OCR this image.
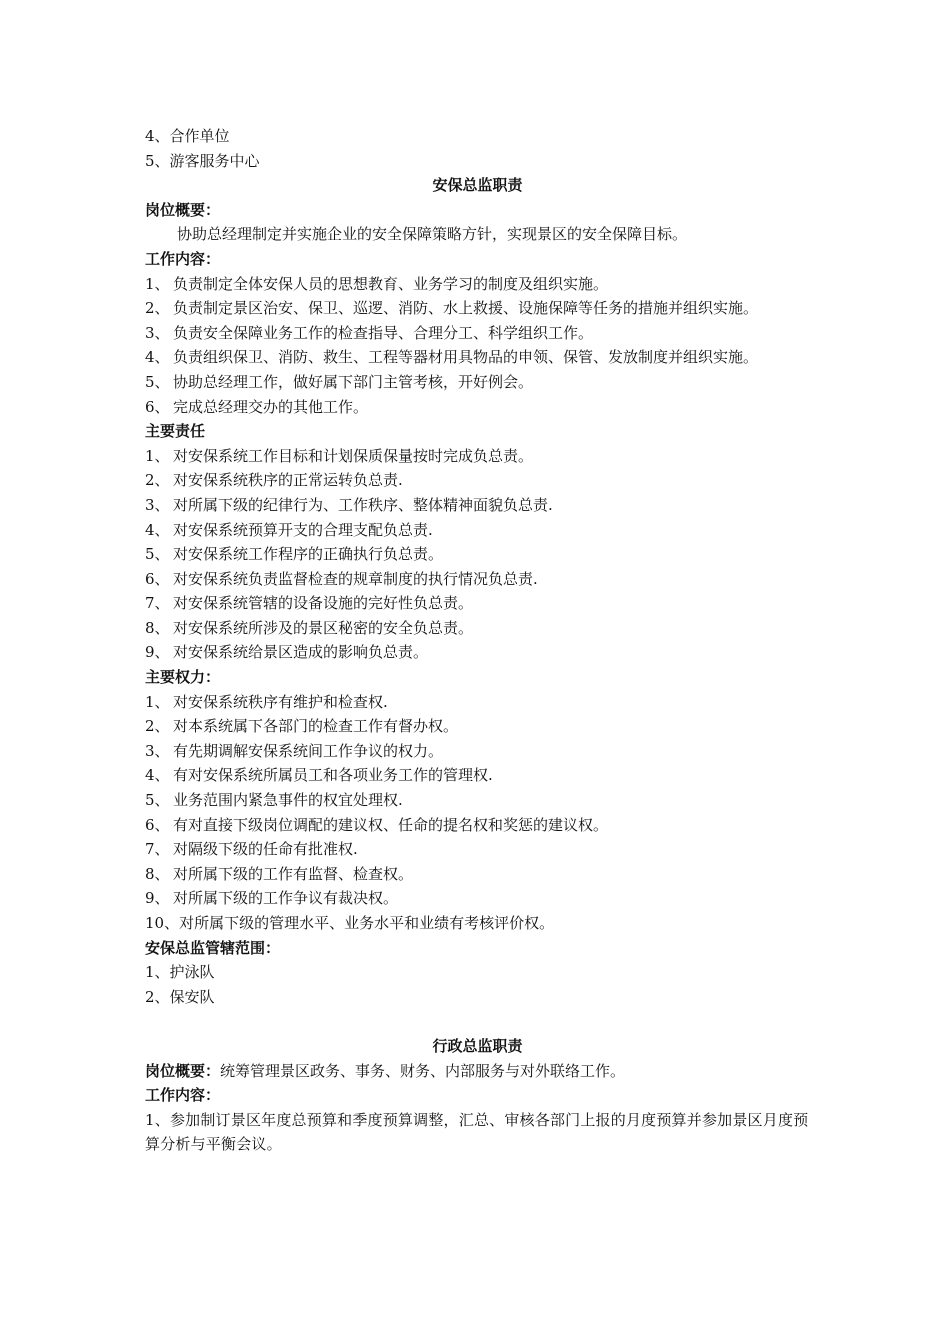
4、合作单位
5、游客服务中心
安保总监职责
岗位概要：
协助总经理制定并实施企业的安全保障策略方针，实现景区的安全保障目标。
工作内容：
1、 负责制定全体安保人员的思想教育、业务学习的制度及组织实施。
2、 负责制定景区治安、保卫、巡逻、消防、水上救援、设施保障等任务的措施并组织实施。
3、 负责安全保障业务工作的检查指导、合理分工、科学组织工作。
4、 负责组织保卫、消防、救生、工程等器材用具物品的申领、保管、发放制度并组织实施。
5、 协助总经理工作，做好属下部门主管考核，开好例会。
6、 完成总经理交办的其他工作。
主要责任
1、 对安保系统工作目标和计划保质保量按时完成负总责。
2、 对安保系统秩序的正常运转负总责.
3、 对所属下级的纪律行为、工作秩序、整体精神面貌负总责.
4、 对安保系统预算开支的合理支配负总责.
5、 对安保系统工作程序的正确执行负总责。
6、 对安保系统负责监督检查的规章制度的执行情况负总责.
7、 对安保系统管辖的设备设施的完好性负总责。
8、 对安保系统所涉及的景区秘密的安全负总责。
9、 对安保系统给景区造成的影响负总责。
主要权力：
1、 对安保系统秩序有维护和检查权.
2、 对本系统属下各部门的检查工作有督办权。
3、 有先期调解安保系统间工作争议的权力。
4、 有对安保系统所属员工和各项业务工作的管理权.
5、 业务范围内紧急事件的权宜处理权.
6、 有对直接下级岗位调配的建议权、任命的提名权和奖惩的建议权。
7、 对隔级下级的任命有批准权.
8、 对所属下级的工作有监督、检查权。
9、 对所属下级的工作争议有裁决权。
10、对所属下级的管理水平、业务水平和业绩有考核评价权。
安保总监管辖范围：
1、护泳队
2、保安队
行政总监职责
岗位概要：统筹管理景区政务、事务、财务、内部服务与对外联络工作。
工作内容：
1、参加制订景区年度总预算和季度预算调整，汇总、审核各部门上报的月度预算并参加景区月度预算分析与平衡会议。
